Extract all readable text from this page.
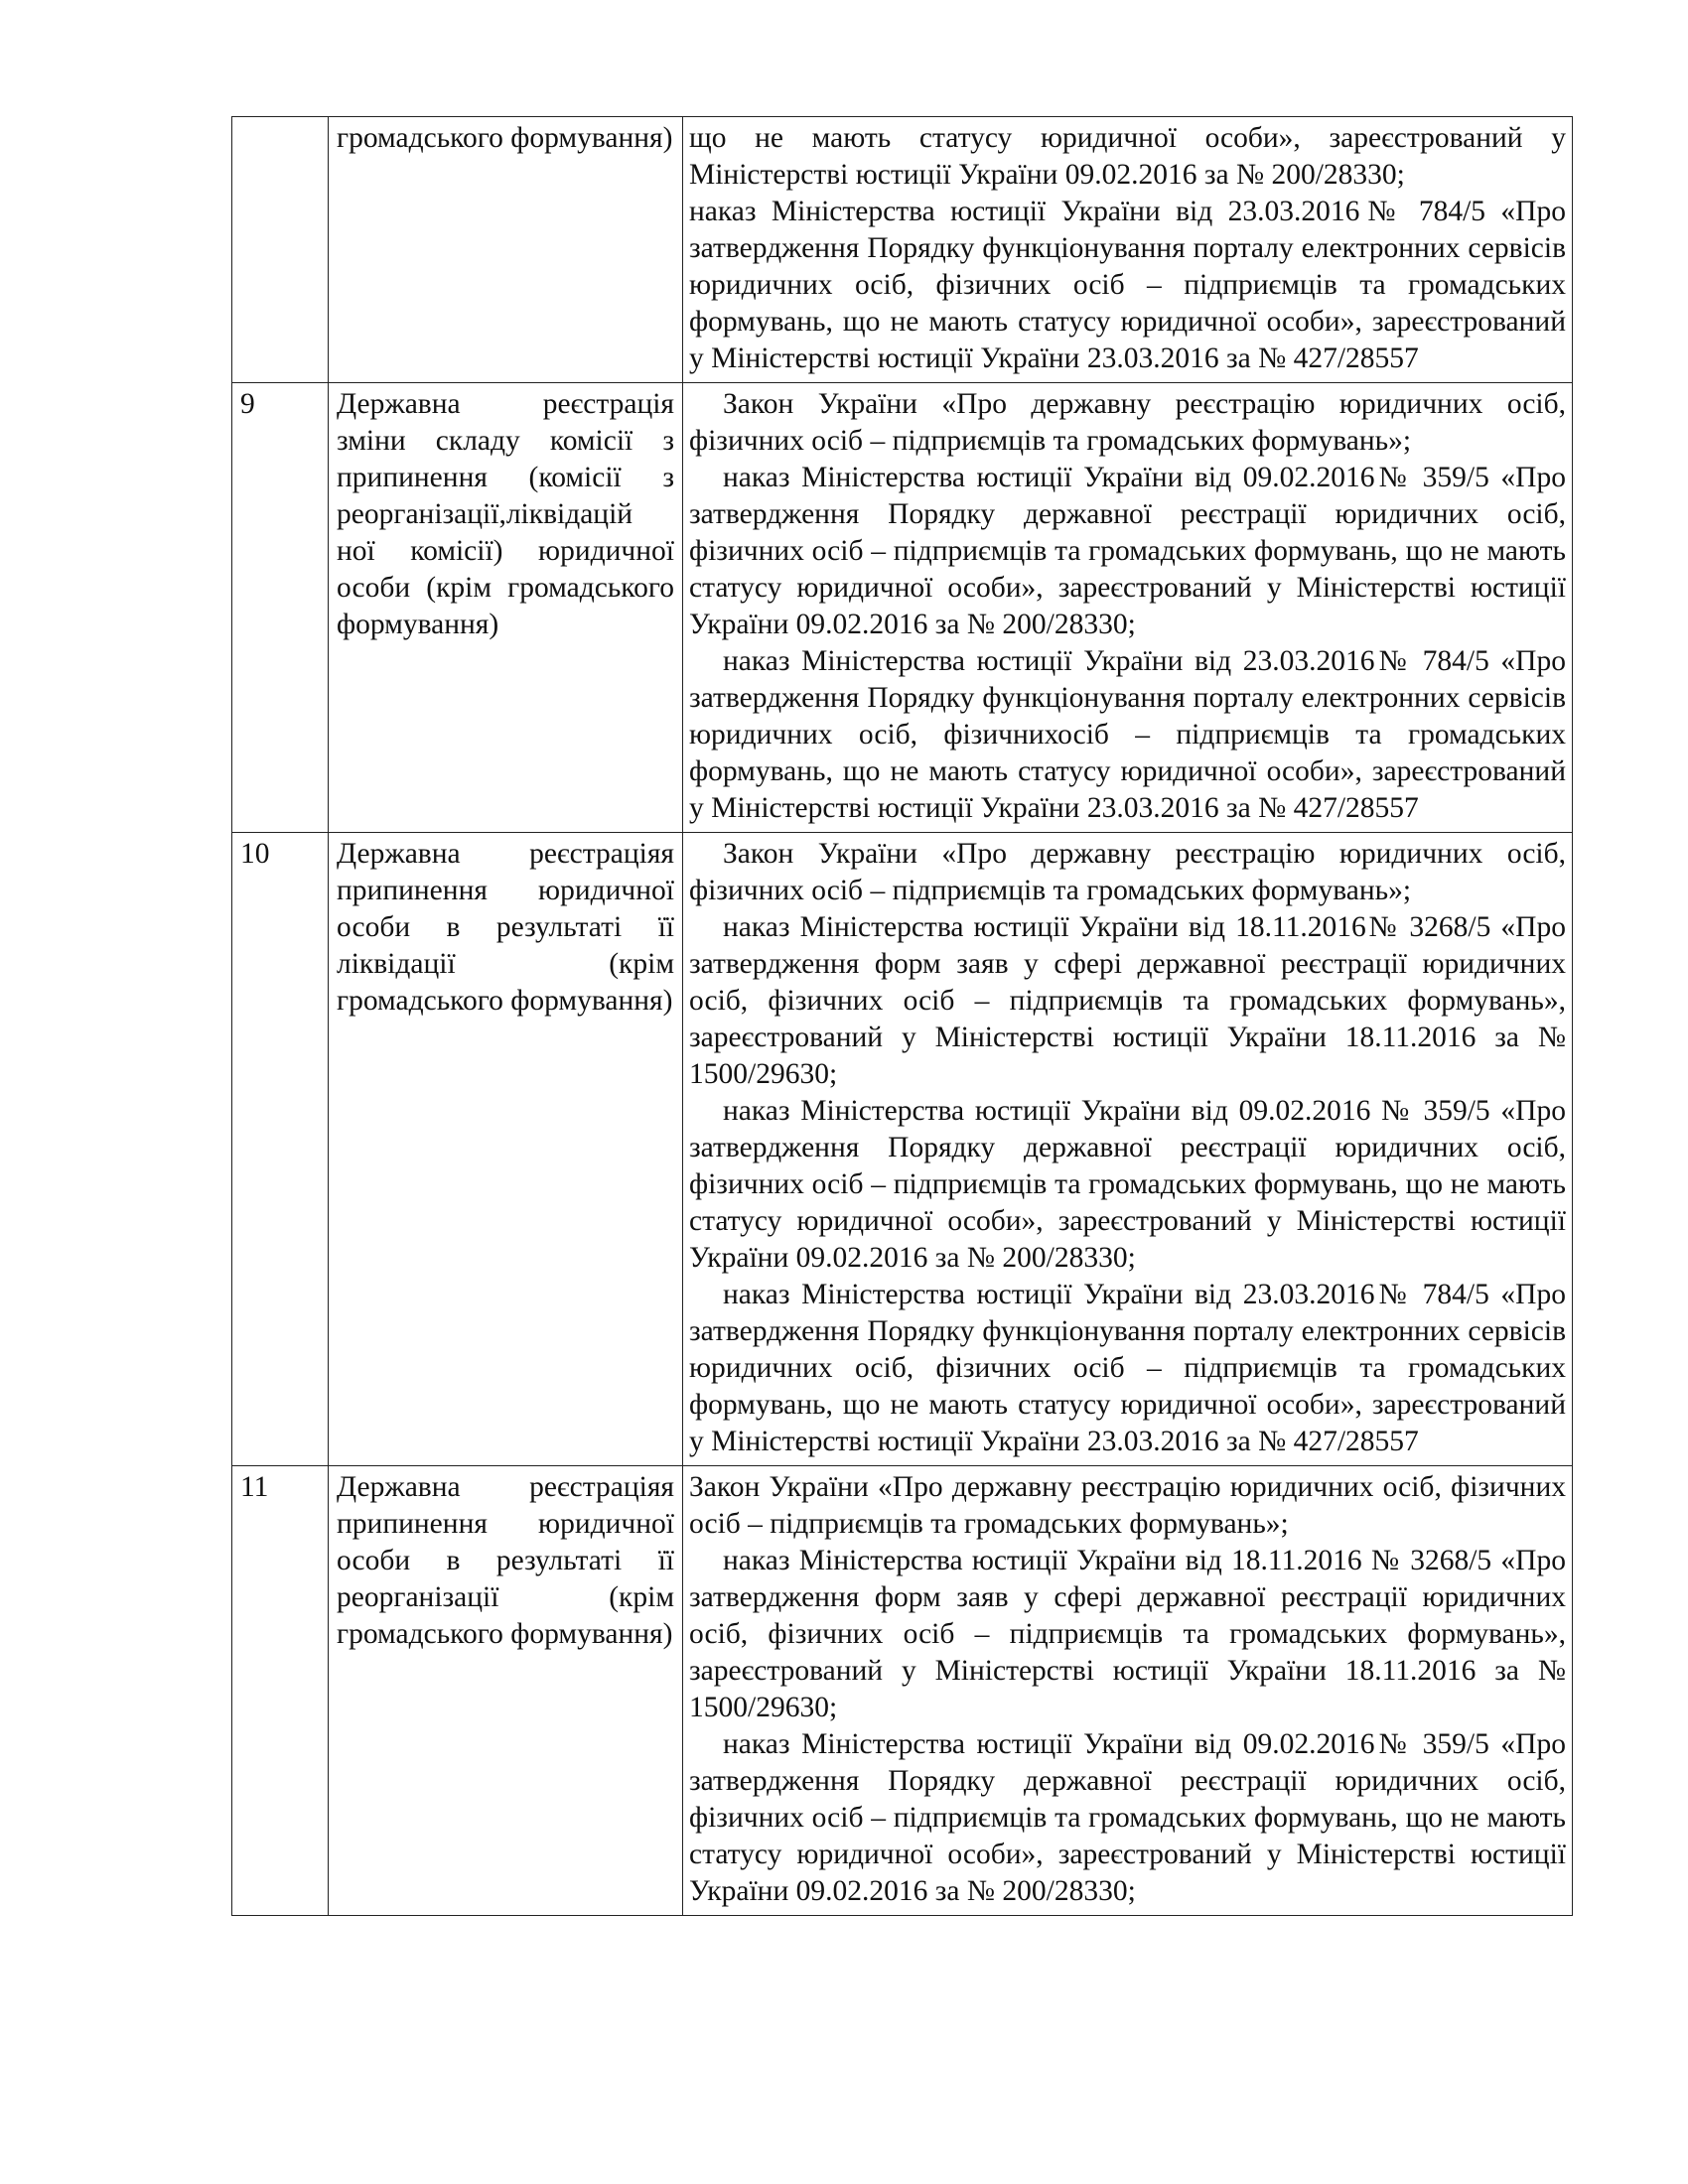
	громадського формування)	що не мають статусу юридичної особи», зареєстрований у Міністерстві юстиції України 09.02.2016 за № 200/28330;

наказ Міністерства юстиції України від 23.03.2016№ 784/5 «Про затвердження Порядку функціонування порталу електронних сервісів юридичних осіб, фізичних осіб – підприємців та громадських формувань, що не мають статусу юридичної особи», зареєстрований у Міністерстві юстиції України 23.03.2016 за № 427/28557

9	Державна реєстрація зміни складу комісії з припинення (комісії з реорганізації,ліквідацій ної комісії) юридичної особи (крім громадського формування)	Закон України «Про державну реєстрацію юридичних осіб, фізичних осіб – підприємців та громадських формувань»;

наказ Міністерства юстиції України від 09.02.2016№ 359/5 «Про затвердження Порядку державної реєстрації юридичних осіб, фізичних осіб – підприємців та громадських формувань, що не мають статусу юридичної особи», зареєстрований у Міністерстві юстиції України 09.02.2016 за № 200/28330;

наказ Міністерства юстиції України від 23.03.2016№ 784/5 «Про затвердження Порядку функціонування порталу електронних сервісів юридичних осіб, фізичнихосіб – підприємців та громадських формувань, що не мають статусу юридичної особи», зареєстрований у Міністерстві юстиції України 23.03.2016 за № 427/28557

10	Державна реєстраціяя припинення юридичної особи в результаті її ліквідації (крім громадського формування)	Закон України «Про державну реєстрацію юридичних осіб, фізичних осіб – підприємців та громадських формувань»;

наказ Міністерства юстиції України від 18.11.2016№ 3268/5 «Про затвердження форм заяв у сфері державної реєстрації юридичних осіб, фізичних осіб – підприємців та громадських формувань», зареєстрований у Міністерстві юстиції України 18.11.2016 за № 1500/29630;

наказ Міністерства юстиції України від 09.02.2016 № 359/5 «Про затвердження Порядку державної реєстрації юридичних осіб, фізичних осіб – підприємців та громадських формувань, що не мають статусу юридичної особи», зареєстрований у Міністерстві юстиції України 09.02.2016 за № 200/28330;

наказ Міністерства юстиції України від 23.03.2016№ 784/5 «Про затвердження Порядку функціонування порталу електронних сервісів юридичних осіб, фізичних осіб – підприємців та громадських формувань, що не мають статусу юридичної особи», зареєстрований у Міністерстві юстиції України 23.03.2016 за № 427/28557

11	Державна реєстраціяя припинення юридичної особи в результаті її реорганізації (крім громадського формування)	Закон України «Про державну реєстрацію юридичних осіб, фізичних осіб – підприємців та громадських формувань»;

наказ Міністерства юстиції України від 18.11.2016 № 3268/5 «Про затвердження форм заяв у сфері державної реєстрації юридичних осіб, фізичних осіб – підприємців та громадських формувань», зареєстрований у Міністерстві юстиції України 18.11.2016 за № 1500/29630;

наказ Міністерства юстиції України від 09.02.2016№ 359/5 «Про затвердження Порядку державної реєстрації юридичних осіб, фізичних осіб – підприємців та громадських формувань, що не мають статусу юридичної особи», зареєстрований у Міністерстві юстиції України 09.02.2016 за № 200/28330;
